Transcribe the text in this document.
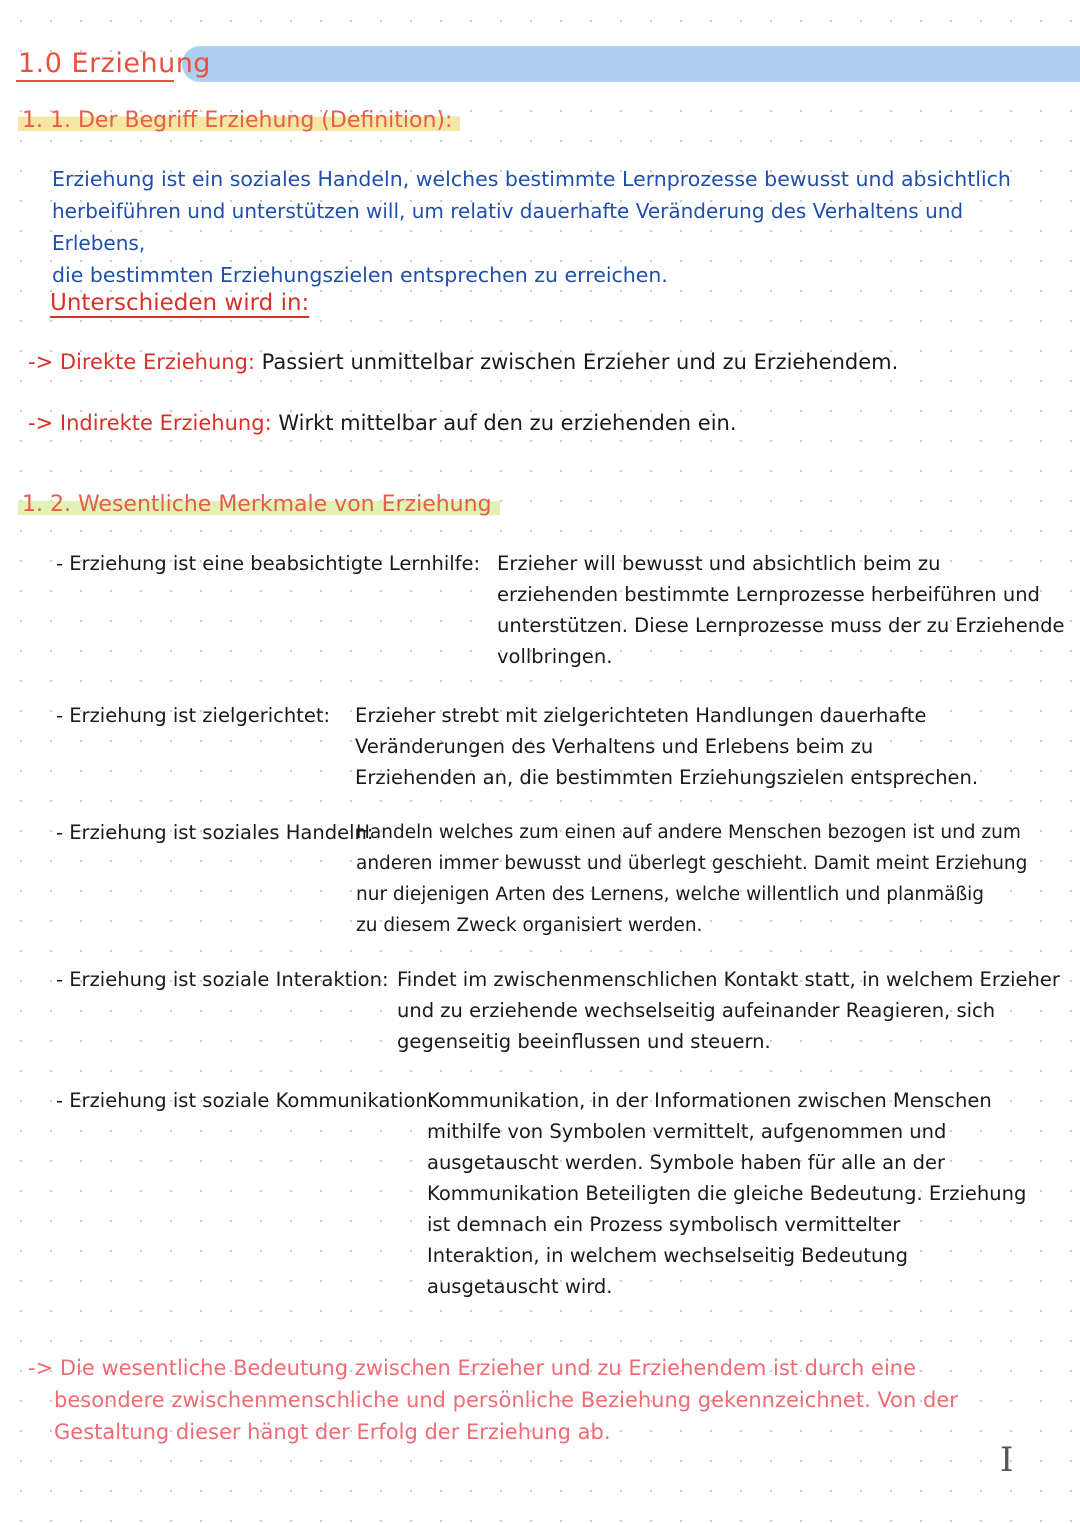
1.0 Erziehung
1. 1. Der Begriff Erziehung (Definition):
Erziehung ist ein soziales Handeln, welches bestimmte Lernprozesse bewusst und absichtlich
herbeiführen und unterstützen will, um relativ dauerhafte Veränderung des Verhaltens und Erlebens,
die bestimmten Erziehungszielen entsprechen zu erreichen.
Unterschieden wird in:
-> Direkte Erziehung: Passiert unmittelbar zwischen Erzieher und zu Erziehendem.
-> Indirekte Erziehung: Wirkt mittelbar auf den zu erziehenden ein.
1. 2. Wesentliche Merkmale von Erziehung
- Erziehung ist eine beabsichtigte Lernhilfe: Erzieher will bewusst und absichtlich beim zu
erziehenden bestimmte Lernprozesse herbeiführen und
unterstützen. Diese Lernprozesse muss der zu Erziehende
vollbringen.
- Erziehung ist zielgerichtet: Erzieher strebt mit zielgerichteten Handlungen dauerhafte
Veränderungen des Verhaltens und Erlebens beim zu
Erziehenden an, die bestimmten Erziehungszielen entsprechen.
- Erziehung ist soziales Handeln:
Handeln welches zum einen auf andere Menschen bezogen ist und zum
anderen immer bewusst und überlegt geschieht. Damit meint Erziehung
nur diejenigen Arten des Lernens, welche willentlich und planmäßig
zu diesem Zweck organisiert werden.
- Erziehung ist soziale Interaktion: Findet im zwischenmenschlichen Kontakt statt, in welchem Erzieher
und zu erziehende wechselseitig aufeinander Reagieren, sich
gegenseitig beeinflussen und steuern.
- Erziehung ist soziale Kommunikation:
Kommunikation, in der Informationen zwischen Menschen
mithilfe von Symbolen vermittelt, aufgenommen und
ausgetauscht werden. Symbole haben für alle an der
Kommunikation Beteiligten die gleiche Bedeutung. Erziehung
ist demnach ein Prozess symbolisch vermittelter
Interaktion, in welchem wechselseitig Bedeutung
ausgetauscht wird.
-> Die wesentliche Bedeutung zwischen Erzieher und zu Erziehendem ist durch eine
besondere zwischenmenschliche und persönliche Beziehung gekennzeichnet. Von der
Gestaltung dieser hängt der Erfolg der Erziehung ab.
I
